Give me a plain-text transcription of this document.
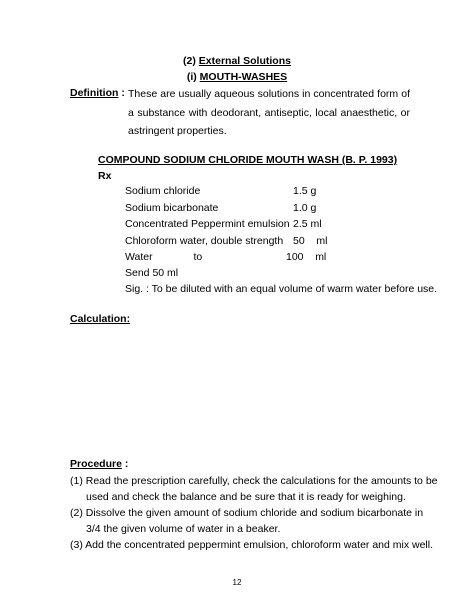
(2) External Solutions
(i) MOUTH-WASHES
Definition : These are usually aqueous solutions in concentrated form of a substance with deodorant, antiseptic, local anaesthetic, or astringent properties.
COMPOUND SODIUM CHLORIDE MOUTH WASH (B. P. 1993)
Rx
Sodium chloride	1.5 g
Sodium bicarbonate	1.0 g
Concentrated Peppermint emulsion 2.5 ml
Chloroform water, double strength 50    ml
Water              to	100    ml
Send 50 ml
Sig. : To be diluted with an equal volume of warm water before use.
Calculation:
Procedure :
(1) Read the prescription carefully, check the calculations for the amounts to be
used and check the balance and be sure that it is ready for weighing.
(2) Dissolve the given amount of sodium chloride and sodium bicarbonate in
3/4 the given volume of water in a beaker.
(3) Add the concentrated peppermint emulsion, chloroform water and mix well.
12
